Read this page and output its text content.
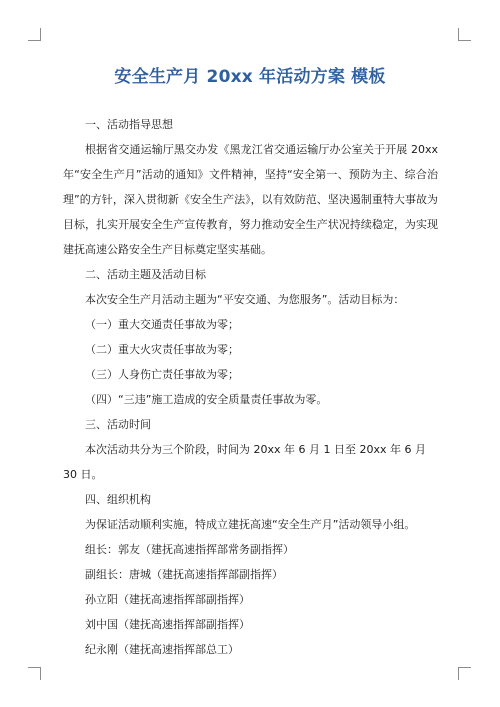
安全生产月 20xx 年活动方案 模板

一、活动指导思想

根据省交通运输厅黑交办发《黑龙江省交通运输厅办公室关于开展 20xx 年“安全生产月”活动的通知》文件精神，坚持“安全第一、预防为主、综合治理”的方针，深入贯彻新《安全生产法》，以有效防范、坚决遏制重特大事故为目标，扎实开展安全生产宣传教育，努力推动安全生产状况持续稳定，为实现建抚高速公路安全生产目标奠定坚实基础。

二、活动主题及活动目标

本次安全生产月活动主题为“平安交通、为您服务”。活动目标为：

（一）重大交通责任事故为零；

（二）重大火灾责任事故为零；

（三）人身伤亡责任事故为零；

（四）“三违”施工造成的安全质量责任事故为零。

三、活动时间

本次活动共分为三个阶段，时间为 20xx 年 6 月 1 日至 20xx 年 6 月 30 日。

四、组织机构

为保证活动顺利实施，特成立建抚高速“安全生产月”活动领导小组。

组长：郭友（建抚高速指挥部常务副指挥）

副组长：唐城（建抚高速指挥部副指挥）

孙立阳（建抚高速指挥部副指挥）

刘中国（建抚高速指挥部副指挥）

纪永刚（建抚高速指挥部总工）
